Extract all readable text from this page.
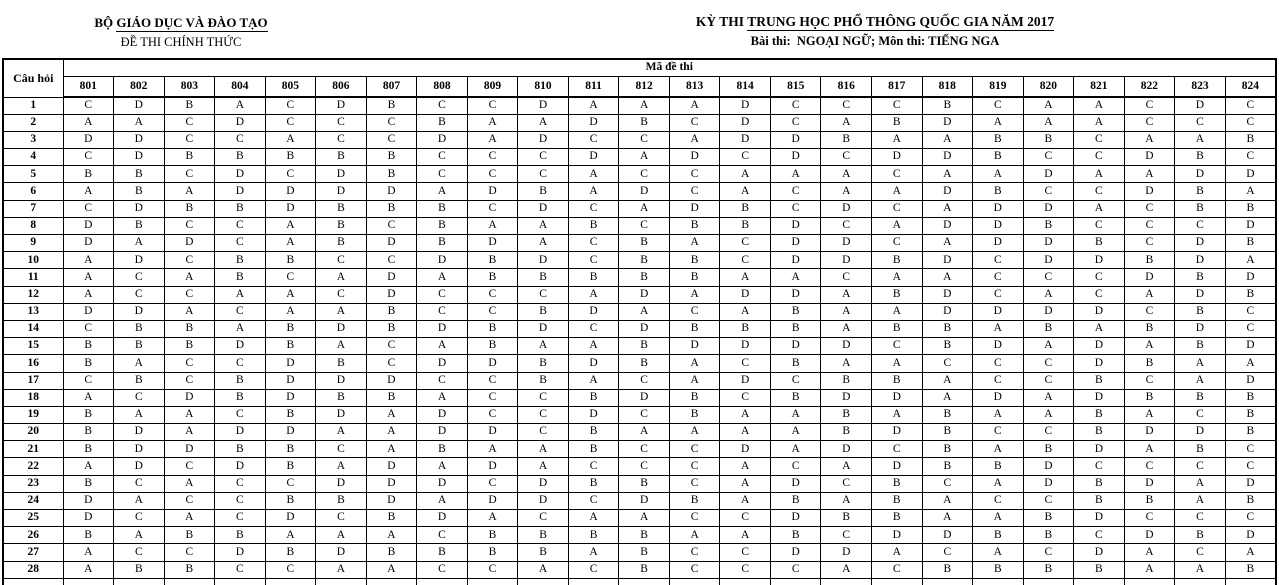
BỘ GIÁO DỤC VÀ ĐÀO TẠO
ĐỀ THI CHÍNH THỨC
KỲ THI TRUNG HỌC PHỔ THÔNG QUỐC GIA NĂM 2017
Bài thi:  NGOẠI NGỮ; Môn thi: TIẾNG NGA
Câu hỏi	Mã đề thi																							
	801	802	803	804	805	806	807	808	809	810	811	812	813	814	815	816	817	818	819	820	821	822	823	824
1	C	D	B	A	C	D	B	C	C	D	A	A	A	D	C	C	C	B	C	A	A	C	D	C
2	A	A	C	D	C	C	C	B	A	A	D	B	C	D	C	A	B	D	A	A	A	C	C	C
3	D	D	C	C	A	C	C	D	A	D	C	C	A	D	D	B	A	A	B	B	C	A	A	B
4	C	D	B	B	B	B	B	C	C	C	D	A	D	C	D	C	D	D	B	C	C	D	B	C
5	B	B	C	D	C	D	B	C	C	C	A	C	C	A	A	A	C	A	A	D	A	A	D	D
6	A	B	A	D	D	D	D	A	D	B	A	D	C	A	C	A	A	D	B	C	C	D	B	A
7	C	D	B	B	D	B	B	B	C	D	C	A	D	B	C	D	C	A	D	D	A	C	B	B
8	D	B	C	C	A	B	C	B	A	A	B	C	B	B	D	C	A	D	D	B	C	C	C	D
9	D	A	D	C	A	B	D	B	D	A	C	B	A	C	D	D	C	A	D	D	B	C	D	B
10	A	D	C	B	B	C	C	D	B	D	C	B	B	C	D	D	B	D	C	D	D	B	D	A
11	A	C	A	B	C	A	D	A	B	B	B	B	B	A	A	C	A	A	C	C	C	D	B	D
12	A	C	C	A	A	C	D	C	C	C	A	D	A	D	D	A	B	D	C	A	C	A	D	B
13	D	D	A	C	A	A	B	C	C	B	D	A	C	A	B	A	A	D	D	D	D	C	B	C
14	C	B	B	A	B	D	B	D	B	D	C	D	B	B	B	A	B	B	A	B	A	B	D	C
15	B	B	B	D	B	A	C	A	B	A	A	B	D	D	D	D	C	B	D	A	D	A	B	D
16	B	A	C	C	D	B	C	D	D	B	D	B	A	C	B	A	A	C	C	C	D	B	A	A
17	C	B	C	B	D	D	D	C	C	B	A	C	A	D	C	B	B	A	C	C	B	C	A	D
18	A	C	D	B	D	B	B	A	C	C	B	D	B	C	B	D	D	A	D	A	D	B	B	B
19	B	A	A	C	B	D	A	D	C	C	D	C	B	A	A	B	A	B	A	A	B	A	C	B
20	B	D	A	D	D	A	A	D	D	C	B	A	A	A	A	B	D	B	C	C	B	D	D	B
21	B	D	D	B	B	C	A	B	A	A	B	C	C	D	A	D	C	B	A	B	D	A	B	C
22	A	D	C	D	B	A	D	A	D	A	C	C	C	A	C	A	D	B	B	D	C	C	C	C
23	B	C	A	C	C	D	D	D	C	D	B	B	C	A	D	C	B	C	A	D	B	D	A	D
24	D	A	C	C	B	B	D	A	D	D	C	D	B	A	B	A	B	A	C	C	B	B	A	B
25	D	C	A	C	D	C	B	D	A	C	A	A	C	C	D	B	B	A	A	B	D	C	C	C
26	B	A	B	B	A	A	A	C	B	B	B	B	A	A	B	C	D	D	B	B	C	D	B	D
27	A	C	C	D	B	D	B	B	B	B	A	B	C	C	D	D	A	C	A	C	D	A	C	A
28	A	B	B	C	C	A	A	C	C	A	C	B	C	C	C	A	C	B	B	B	B	A	A	B
